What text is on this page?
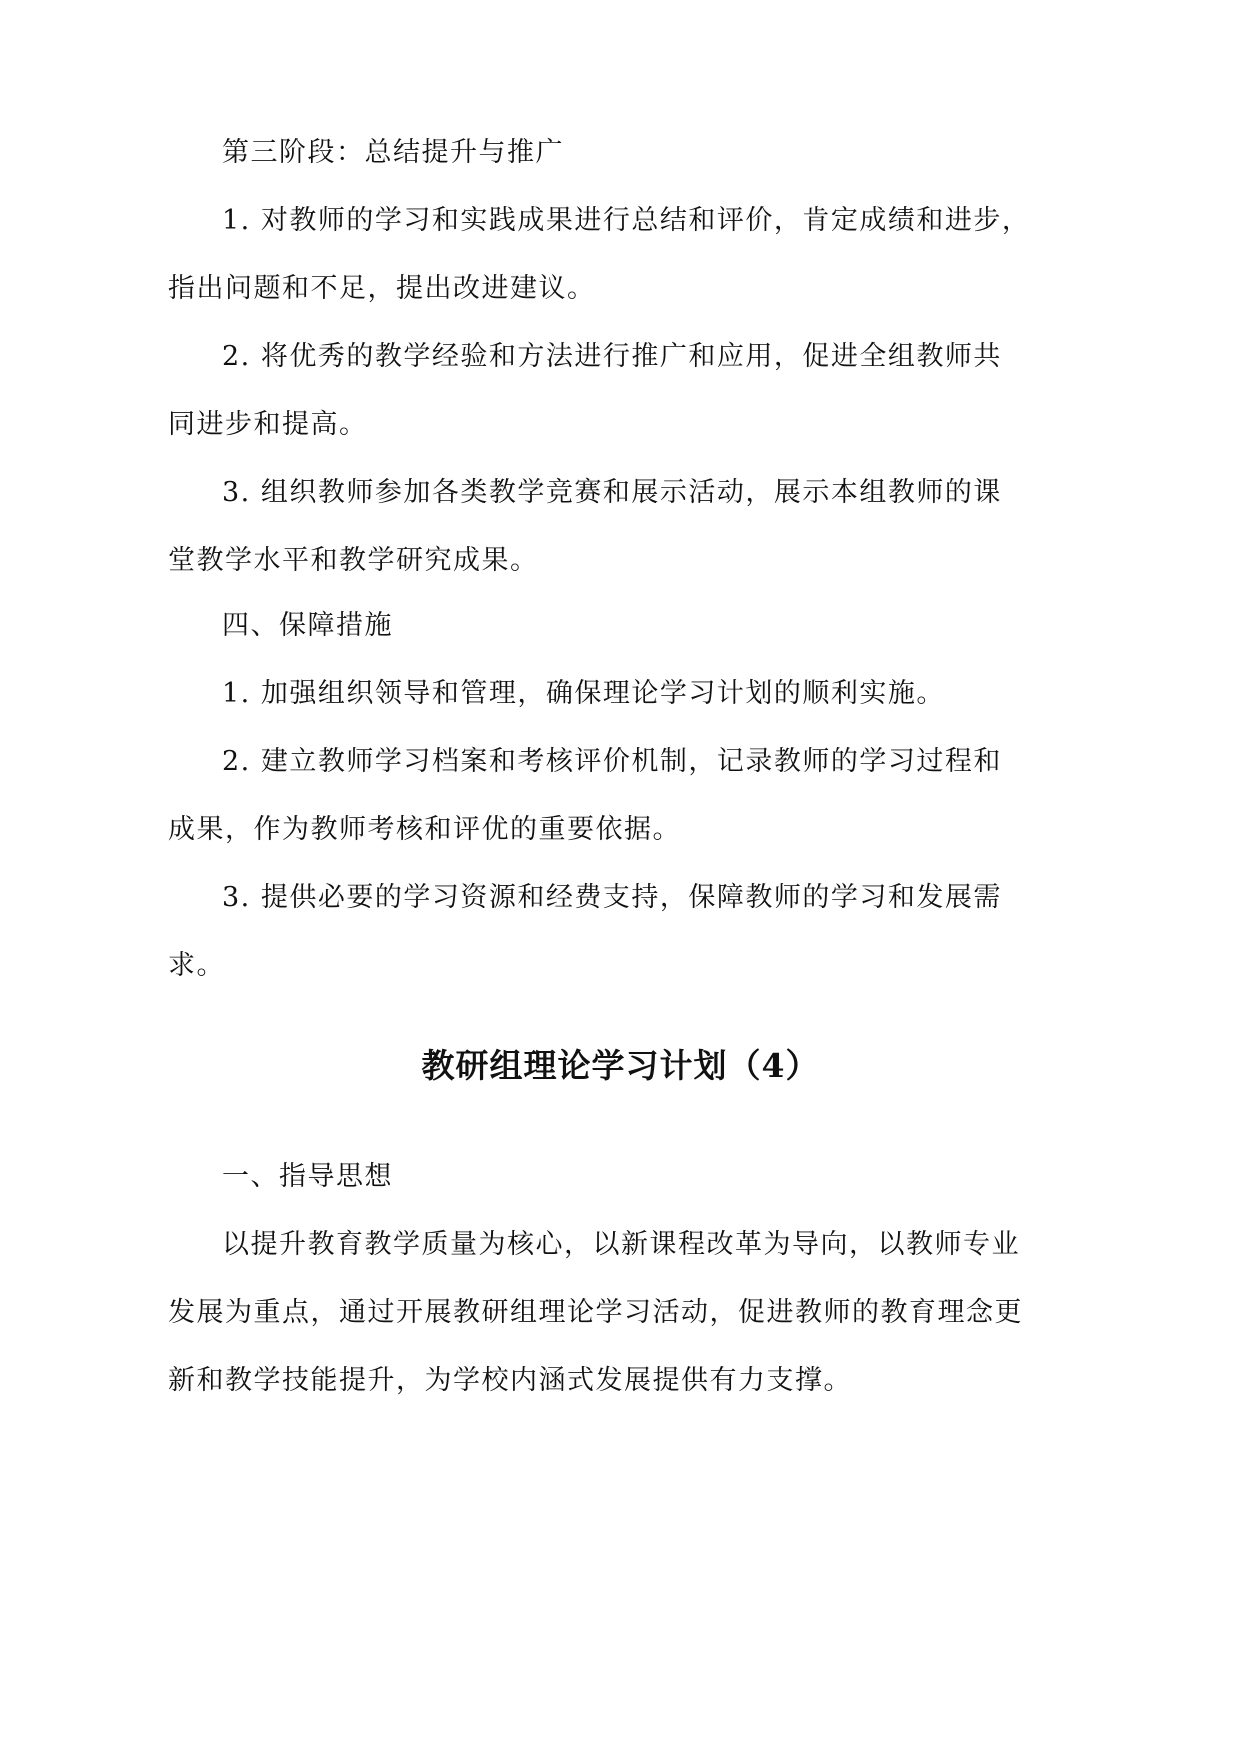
第三阶段：总结提升与推广
1. 对教师的学习和实践成果进行总结和评价，肯定成绩和进步，
指出问题和不足，提出改进建议。
2. 将优秀的教学经验和方法进行推广和应用，促进全组教师共
同进步和提高。
3. 组织教师参加各类教学竞赛和展示活动，展示本组教师的课
堂教学水平和教学研究成果。
四、保障措施
1. 加强组织领导和管理，确保理论学习计划的顺利实施。
2. 建立教师学习档案和考核评价机制，记录教师的学习过程和
成果，作为教师考核和评优的重要依据。
3. 提供必要的学习资源和经费支持，保障教师的学习和发展需
求。
教研组理论学习计划（4）
一、指导思想
以提升教育教学质量为核心，以新课程改革为导向，以教师专业
发展为重点，通过开展教研组理论学习活动，促进教师的教育理念更
新和教学技能提升，为学校内涵式发展提供有力支撑。
